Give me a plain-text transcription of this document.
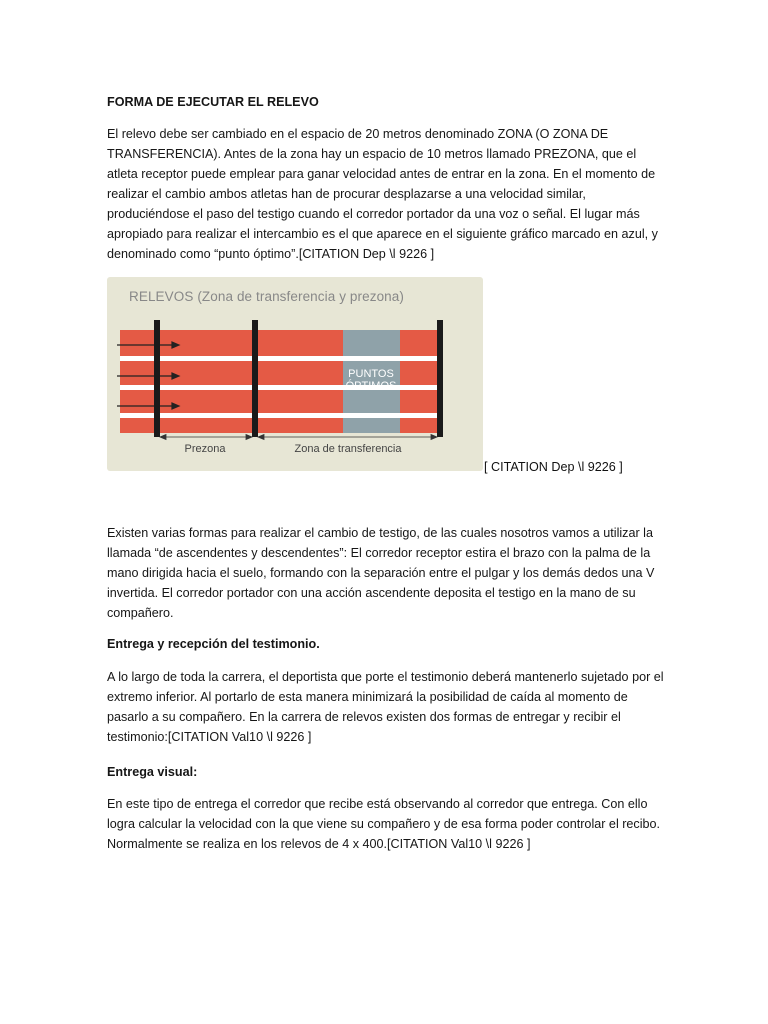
FORMA DE EJECUTAR EL RELEVO
El relevo debe ser cambiado en el espacio de 20 metros denominado ZONA (O ZONA DE TRANSFERENCIA). Antes de la zona hay un espacio de 10 metros llamado PREZONA, que el atleta receptor puede emplear para ganar velocidad antes de entrar en la zona. En el momento de realizar el cambio ambos atletas han de procurar desplazarse a una velocidad similar, produciéndose el paso del testigo cuando el corredor portador da una voz o señal. El lugar más apropiado para realizar el intercambio es el que aparece en el siguiente gráfico marcado en azul, y denominado como “punto óptimo”.[CITATION Dep \l 9226 ]
RELEVOS (Zona de transferencia y prezona)
PUNTOS
ÓPTIMOS
Prezona	Zona de transferencia
[ CITATION Dep \l 9226 ]
Existen varias formas para realizar el cambio de testigo, de las cuales nosotros vamos a utilizar la llamada “de ascendentes y descendentes”: El corredor receptor estira el brazo con la palma de la mano dirigida hacia el suelo, formando con la separación entre el pulgar y los demás dedos una V invertida. El corredor portador con una acción ascendente deposita el testigo en la mano de su compañero.
Entrega y recepción del testimonio.
A lo largo de toda la carrera, el deportista que porte el testimonio deberá mantenerlo sujetado por el extremo inferior. Al portarlo de esta manera minimizará la posibilidad de caída al momento de pasarlo a su compañero. En la carrera de relevos existen dos formas de entregar y recibir el testimonio:[CITATION Val10 \l 9226 ]
Entrega visual:
En este tipo de entrega el corredor que recibe está observando al corredor que entrega. Con ello logra calcular la velocidad con la que viene su compañero y de esa forma poder controlar el recibo. Normalmente se realiza en los relevos de 4 x 400.[CITATION Val10 \l 9226 ]
